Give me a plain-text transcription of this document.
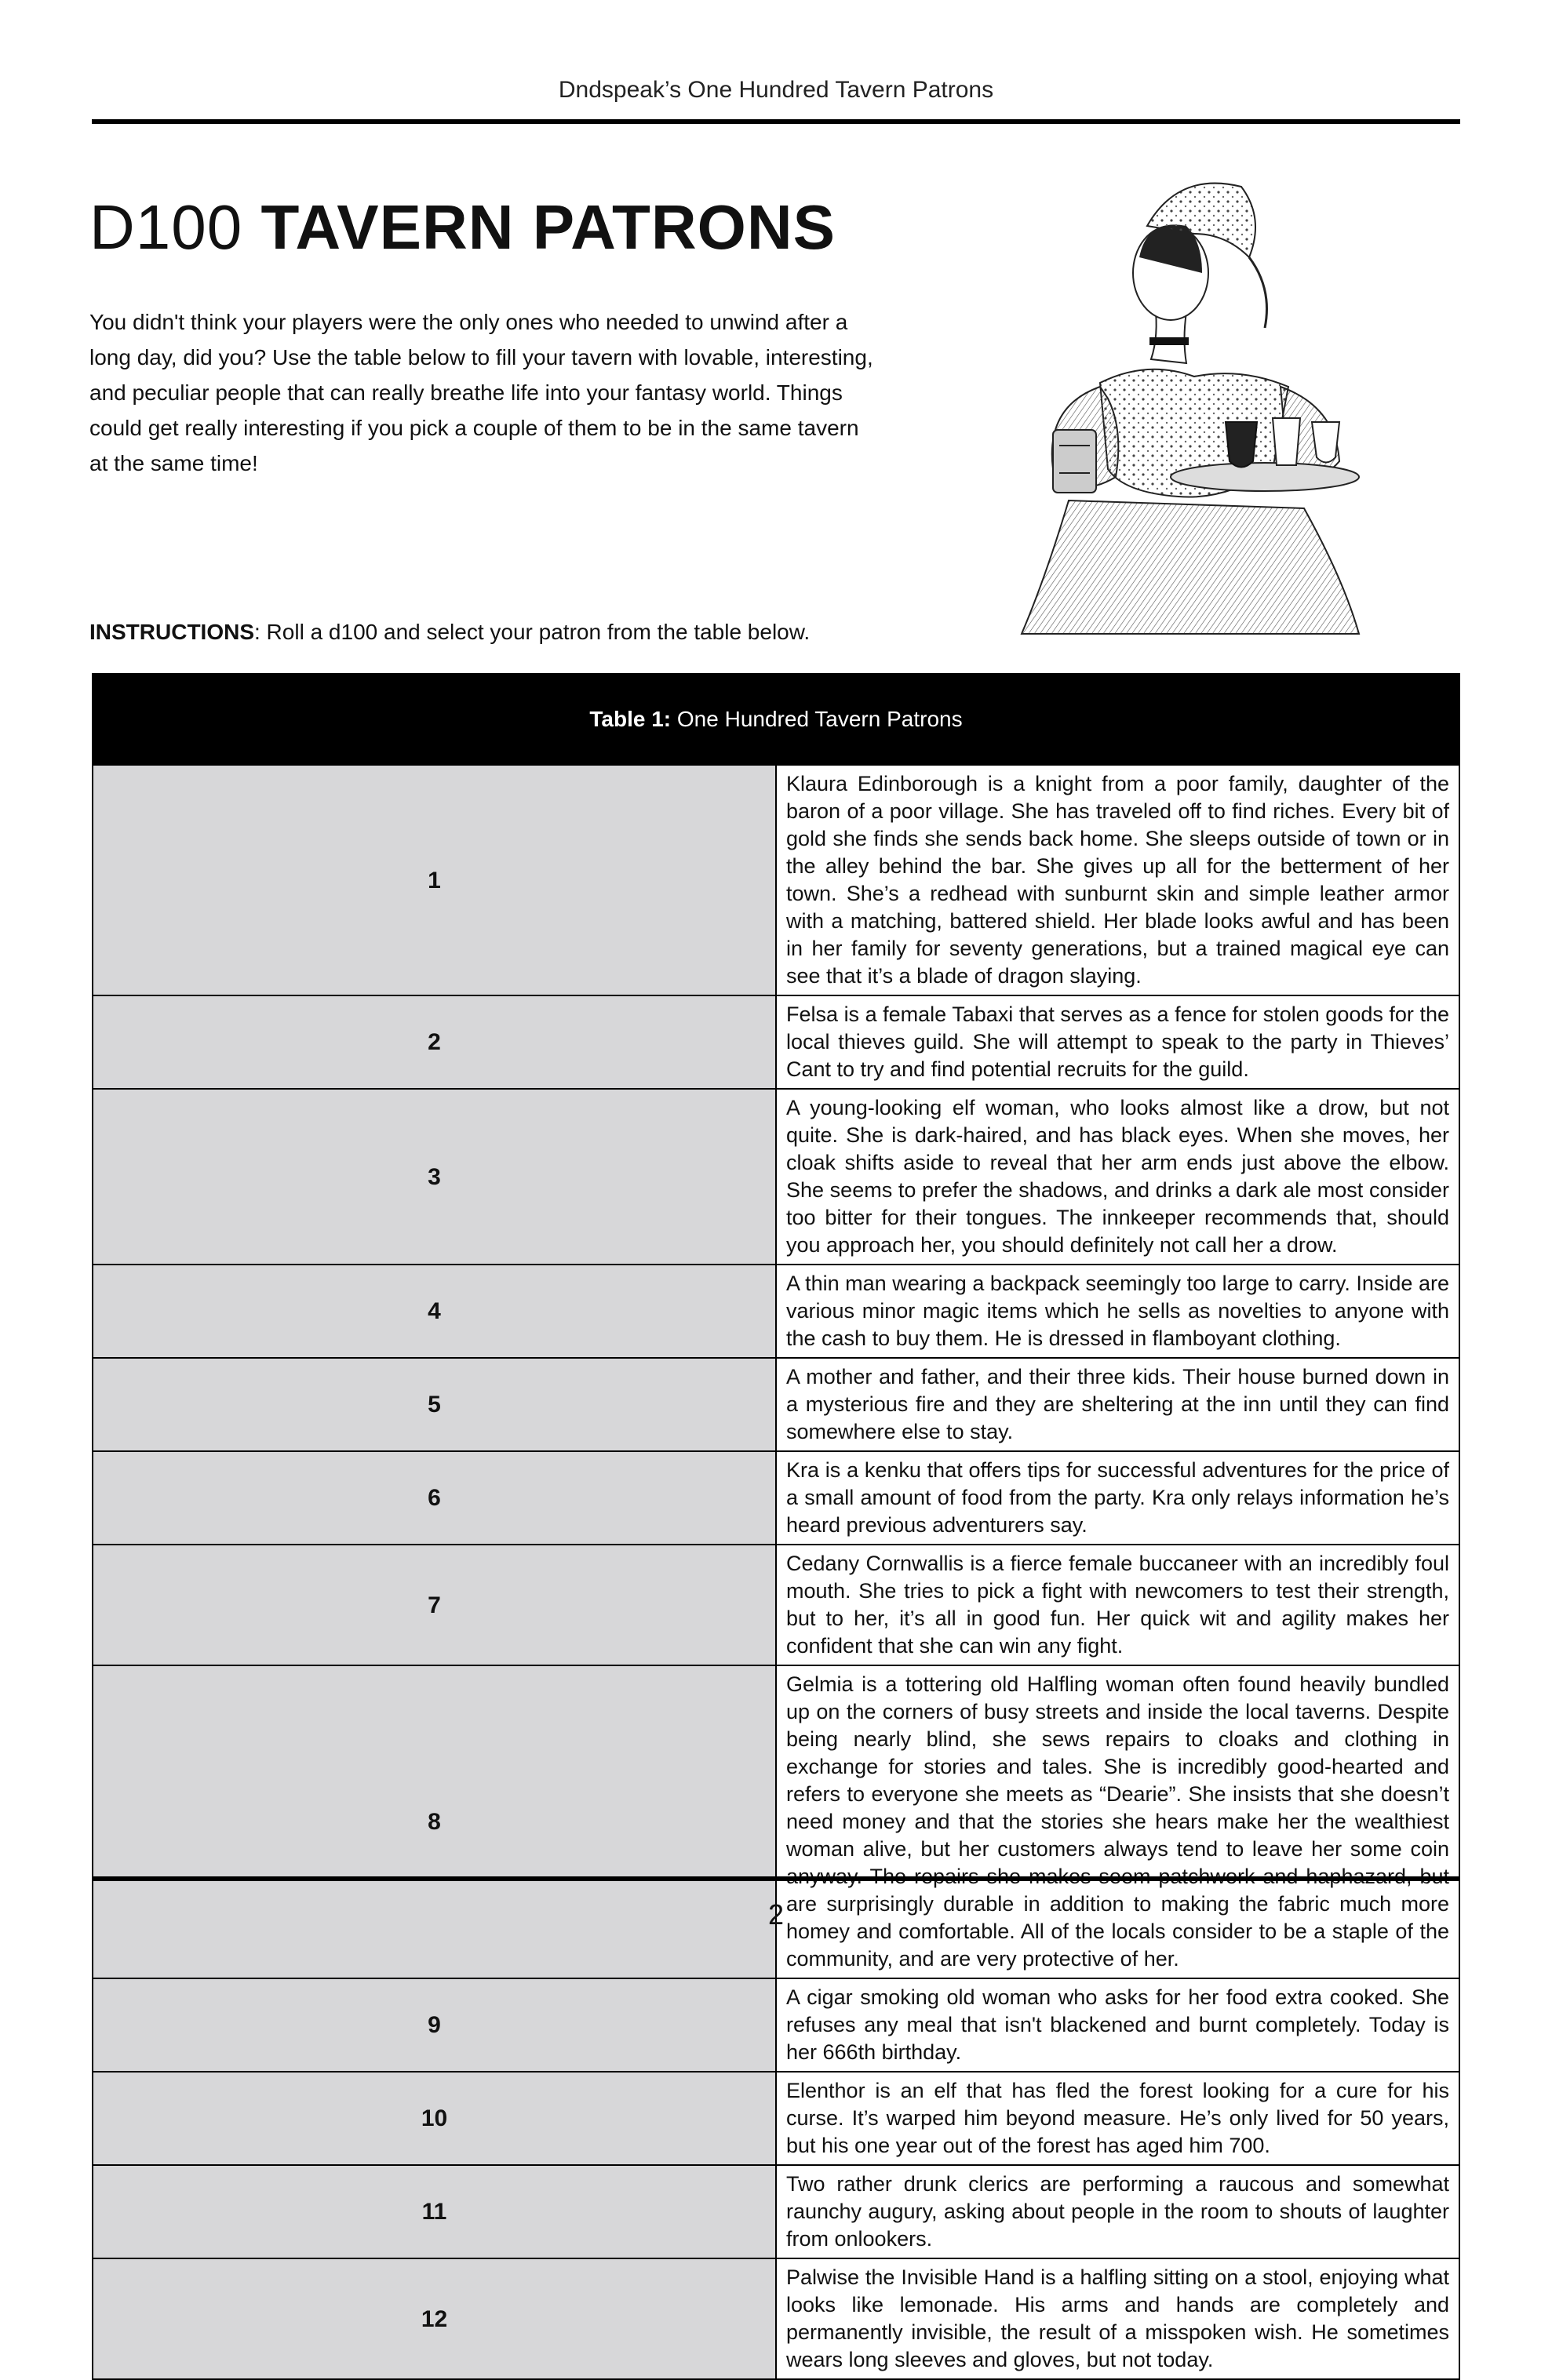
Dndspeak’s One Hundred Tavern Patrons
D100 TAVERN PATRONS

You didn't think your players were the only ones who needed to unwind after a long day, did you? Use the table below to fill your tavern with lovable, interesting, and peculiar people that can really breathe life into your fantasy world. Things could get really interesting if you pick a couple of them to be in the same tavern at the same time!

INSTRUCTIONS: Roll a d100 and select your patron from the table below.
Table 1: One Hundred Tavern Patrons	
1	Klaura Edinborough is a knight from a poor family, daughter of the baron of a poor village. She has traveled off to find riches. Every bit of gold she finds she sends back home. She sleeps outside of town or in the alley behind the bar. She gives up all for the betterment of her town. She’s a redhead with sunburnt skin and simple leather armor with a matching, battered shield. Her blade looks awful and has been in her family for seventy generations, but a trained magical eye can see that it’s a blade of dragon slaying.
2	Felsa is a female Tabaxi that serves as a fence for stolen goods for the local thieves guild. She will attempt to speak to the party in Thieves’ Cant to try and find potential recruits for the guild.
3	A young-looking elf woman, who looks almost like a drow, but not quite. She is dark-haired, and has black eyes. When she moves, her cloak shifts aside to reveal that her arm ends just above the elbow. She seems to prefer the shadows, and drinks a dark ale most consider too bitter for their tongues. The innkeeper recommends that, should you approach her, you should definitely not call her a drow.
4	A thin man wearing a backpack seemingly too large to carry. Inside are various minor magic items which he sells as novelties to anyone with the cash to buy them. He is dressed in flamboyant clothing.
5	A mother and father, and their three kids. Their house burned down in a mysterious fire and they are sheltering at the inn until they can find somewhere else to stay.
6	Kra is a kenku that offers tips for successful adventures for the price of a small amount of food from the party. Kra only relays information he’s heard previous adventurers say.
7	Cedany Cornwallis is a fierce female buccaneer with an incredibly foul mouth. She tries to pick a fight with newcomers to test their strength, but to her, it’s all in good fun. Her quick wit and agility makes her confident that she can win any fight.
8	Gelmia is a tottering old Halfling woman often found heavily bundled up on the corners of busy streets and inside the local taverns. Despite being nearly blind, she sews repairs to cloaks and clothing in exchange for stories and tales. She is incredibly good-hearted and refers to everyone she meets as “Dearie”. She insists that she doesn’t need money and that the stories she hears make her the wealthiest woman alive, but her customers always tend to leave her some coin are surprisingly durable in addition to making the fabric much more homey and comfortable. All of the locals consider to be a staple of the community, and are very protective of her.
9	A cigar smoking old woman who asks for her food extra cooked. She refuses any meal that isn't blackened and burnt completely. Today is her 666th birthday.
10	Elenthor is an elf that has fled the forest looking for a cure for his curse. It’s warped him beyond measure. He’s only lived for 50 years, but his one year out of the forest has aged him 700.
11	Two rather drunk clerics are performing a raucous and somewhat raunchy augury, asking about people in the room to shouts of laughter from onlookers.
12	Palwise the Invisible Hand is a halfling sitting on a stool, enjoying what looks like lemonade. His arms and hands are completely and permanently invisible, the result of a misspoken wish. He sometimes wears long sleeves and gloves, but not today.
2
